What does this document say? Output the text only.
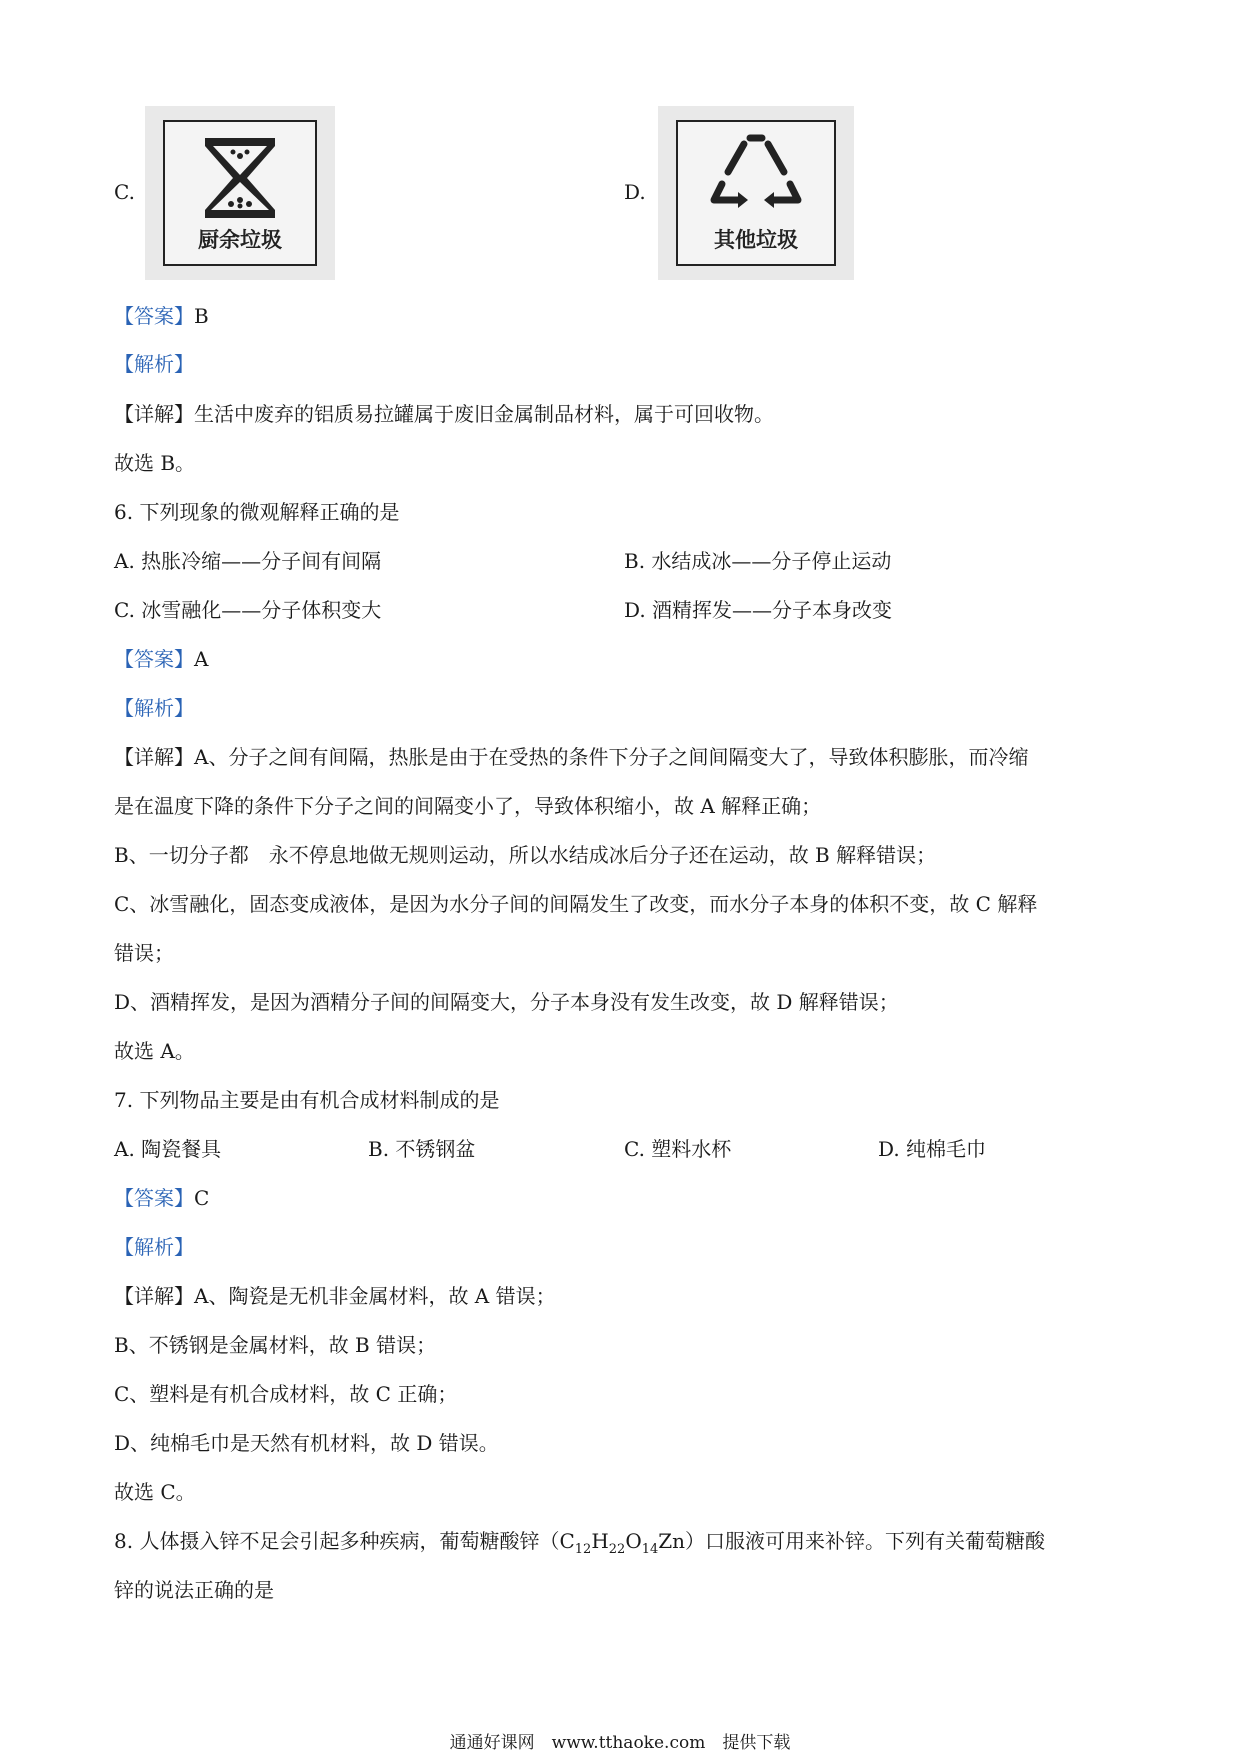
C.
厨余垃圾
D.
其他垃圾
【答案】B
【解析】
【详解】生活中废弃的铝质易拉罐属于废旧金属制品材料，属于可回收物。
故选 B。
6. 下列现象的微观解释正确的是
A. 热胀冷缩——分子间有间隔	B. 水结成冰——分子停止运动
C. 冰雪融化——分子体积变大	D. 酒精挥发——分子本身改变
【答案】A
【解析】
【详解】A、分子之间有间隔，热胀是由于在受热的条件下分子之间间隔变大了，导致体积膨胀，而冷缩
是在温度下降的条件下分子之间的间隔变小了，导致体积缩小，故 A 解释正确；
B、一切分子都　永不停息地做无规则运动，所以水结成冰后分子还在运动，故 B 解释错误；
C、冰雪融化，固态变成液体，是因为水分子间的间隔发生了改变，而水分子本身的体积不变，故 C 解释
错误；
D、酒精挥发，是因为酒精分子间的间隔变大，分子本身没有发生改变，故 D 解释错误；
故选 A。
7. 下列物品主要是由有机合成材料制成的是
A. 陶瓷餐具	B. 不锈钢盆	C. 塑料水杯	D. 纯棉毛巾
【答案】C
【解析】
【详解】A、陶瓷是无机非金属材料，故 A 错误；
B、不锈钢是金属材料，故 B 错误；
C、塑料是有机合成材料，故 C 正确；
D、纯棉毛巾是天然有机材料，故 D 错误。
故选 C。
8. 人体摄入锌不足会引起多种疾病，葡萄糖酸锌$(C_{12}H_{22}O_{14}Zn)$口服液可用来补锌。下列有关葡萄糖酸
锌的说法正确的是
通通好课网　www.tthaoke.com　提供下载
